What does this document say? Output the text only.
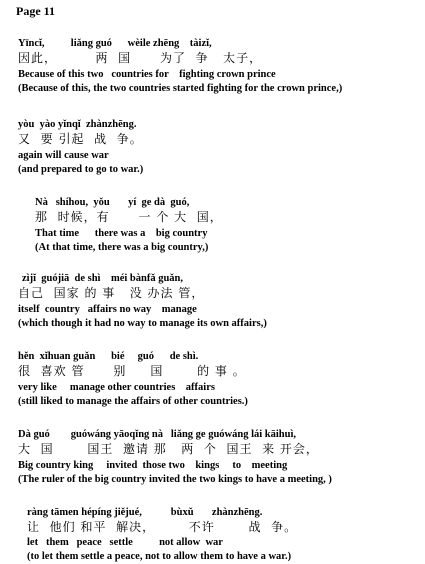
Page 11
Yīncǐ,          liǎng guó      wèile zhēng    tàizǐ,
因此，        两  国      为了  争   太子，
Because of this two   countries for    fighting crown prince
(Because of this, the two countries started fighting for the crown prince,)
yòu  yào yǐnqǐ  zhànzhēng.
又  要 引起  战  争。
again will cause war
(and prepared to go to war.)
Nà   shíhou,  yǒu       yí  ge dà  guó,
那  时候，有      一 个 大  国，
That time      there was a    big country
(At that time, there was a big country,)
zìjǐ  guójiā  de shì    méi bànfǎ guǎn,
自己  国家 的 事   没 办法 管，
itself  country   affairs no way    manage
(which though it had no way to manage its own affairs,)
hěn  xǐhuan guǎn      bié     guó      de shì.
很  喜欢 管      别     国       的 事 。
very like     manage other countries    affairs
(still liked to manage the affairs of other countries.)
Dà guó        guówáng yāoqǐng nà   liǎng ge guówáng lái kāihuì,
大  国       国王  邀请 那   两  个  国王  来 开会，
Big country king     invited  those two    kings     to    meeting
(The ruler of the big country invited the two kings to have a meeting, )
ràng tāmen hépíng jiějué,           bùxǔ       zhànzhēng.
让  他们 和平  解决，       不许       战  争。
let   them   peace   settle          not allow  war
(to let them settle a peace, not to allow them to have a war.)
